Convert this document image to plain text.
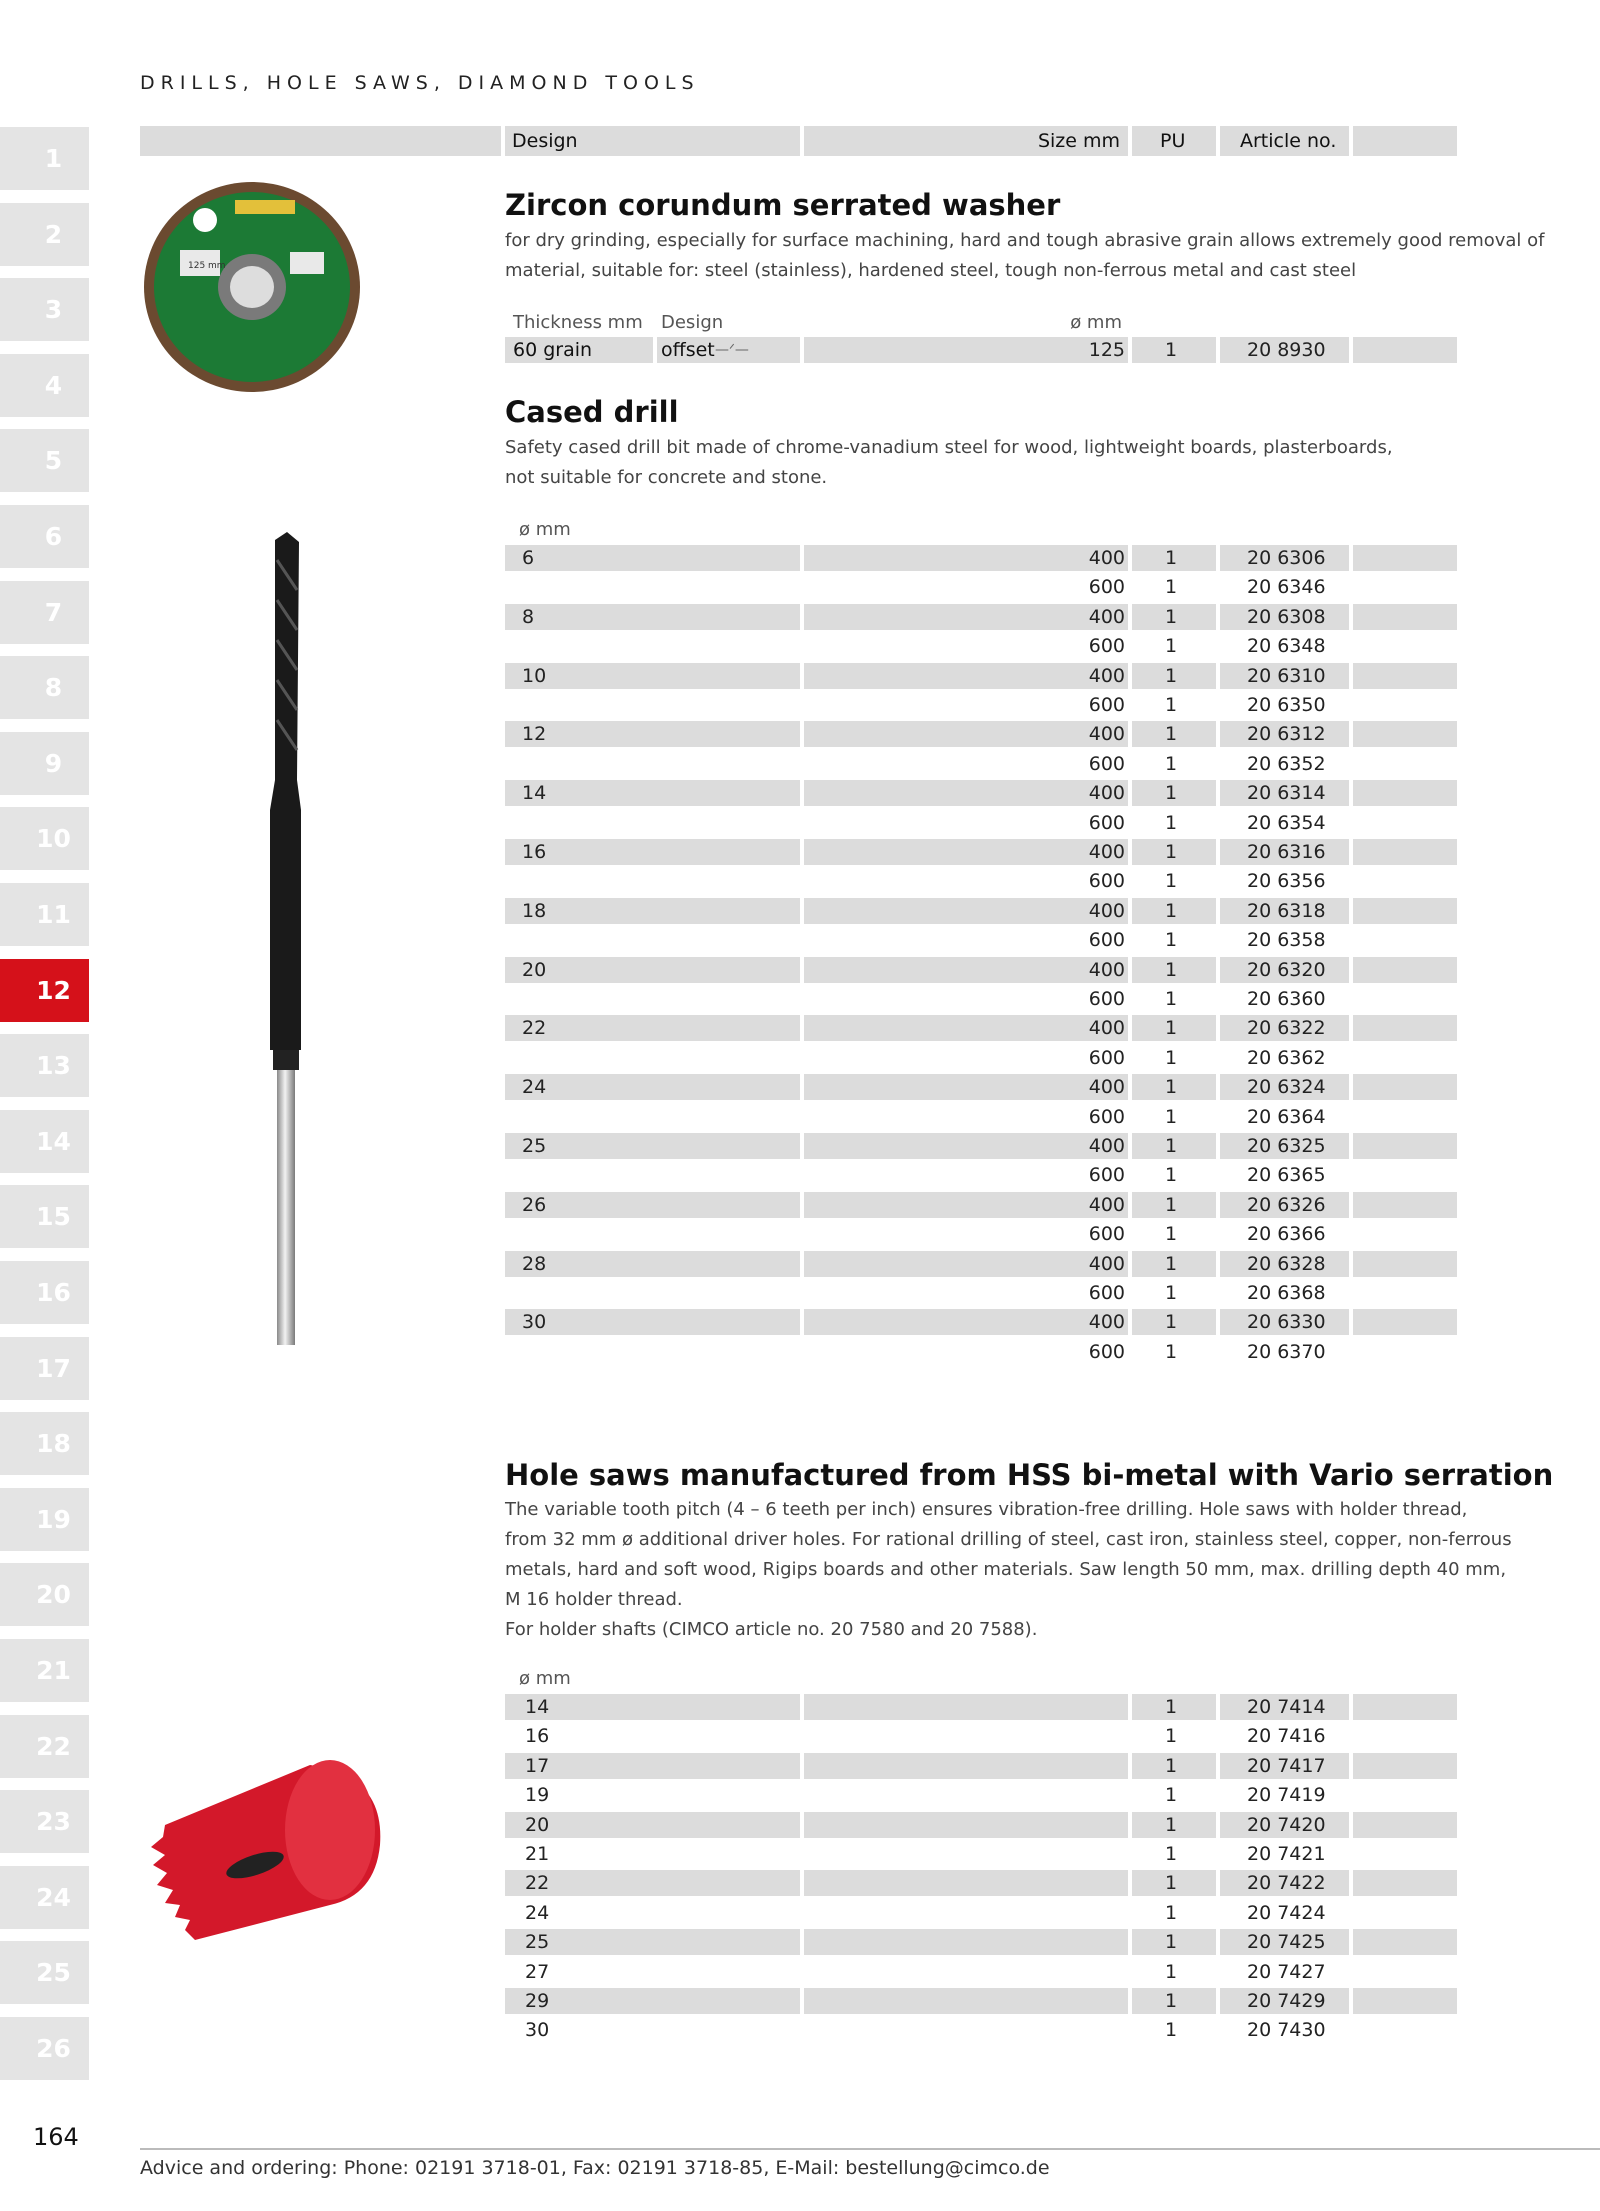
DRILLS, HOLE SAWS, DIAMOND TOOLS
1
2
3
4
5
6
7
8
9
10
11
12
13
14
15
16
17
18
19
20
21
22
23
24
25
26
Design	Size mm PU	Article no.
125 mm
Zircon corundum serrated washer
for dry grinding, especially for surface machining, hard and tough abrasive grain allows extremely good removal of
material, suitable for: steel (stainless), hardened steel, tough non-ferrous metal and cast steel
Thickness mm Design	ø mm
60 grain	offset —ᐟ—	125 1	20 8930
Cased drill
Safety cased drill bit made of chrome-vanadium steel for wood, lightweight boards, plasterboards,
not suitable for concrete and stone.
ø mm
6	400 1	20 6306
600 1	20 6346
8	400 1	20 6308
600 1	20 6348
10	400 1	20 6310
600 1	20 6350
12	400 1	20 6312
600 1	20 6352
14	400 1	20 6314
600 1	20 6354
16	400 1	20 6316
600 1	20 6356
18	400 1	20 6318
600 1	20 6358
20	400 1	20 6320
600 1	20 6360
22	400 1	20 6322
600 1	20 6362
24	400 1	20 6324
600 1	20 6364
25	400 1	20 6325
600 1	20 6365
26	400 1	20 6326
600 1	20 6366
28	400 1	20 6328
600 1	20 6368
30	400 1	20 6330
600 1	20 6370
Hole saws manufactured from HSS bi-metal with Vario serration
The variable tooth pitch (4 – 6 teeth per inch) ensures vibration-free drilling. Hole saws with holder thread,
from 32 mm ø additional driver holes. For rational drilling of steel, cast iron, stainless steel, copper, non-ferrous
metals, hard and soft wood, Rigips boards and other materials. Saw length 50 mm, max. drilling depth 40 mm,
M 16 holder thread.
For holder shafts (CIMCO article no. 20 7580 and 20 7588).
ø mm
14	1	20 7414
16	1	20 7416
17	1	20 7417
19	1	20 7419
20	1	20 7420
21	1	20 7421
22	1	20 7422
24	1	20 7424
25	1	20 7425
27	1	20 7427
29	1	20 7429
30	1	20 7430
164
Advice and ordering: Phone: 02191 3718-01, Fax: 02191 3718-85, E-Mail: bestellung@cimco.de
